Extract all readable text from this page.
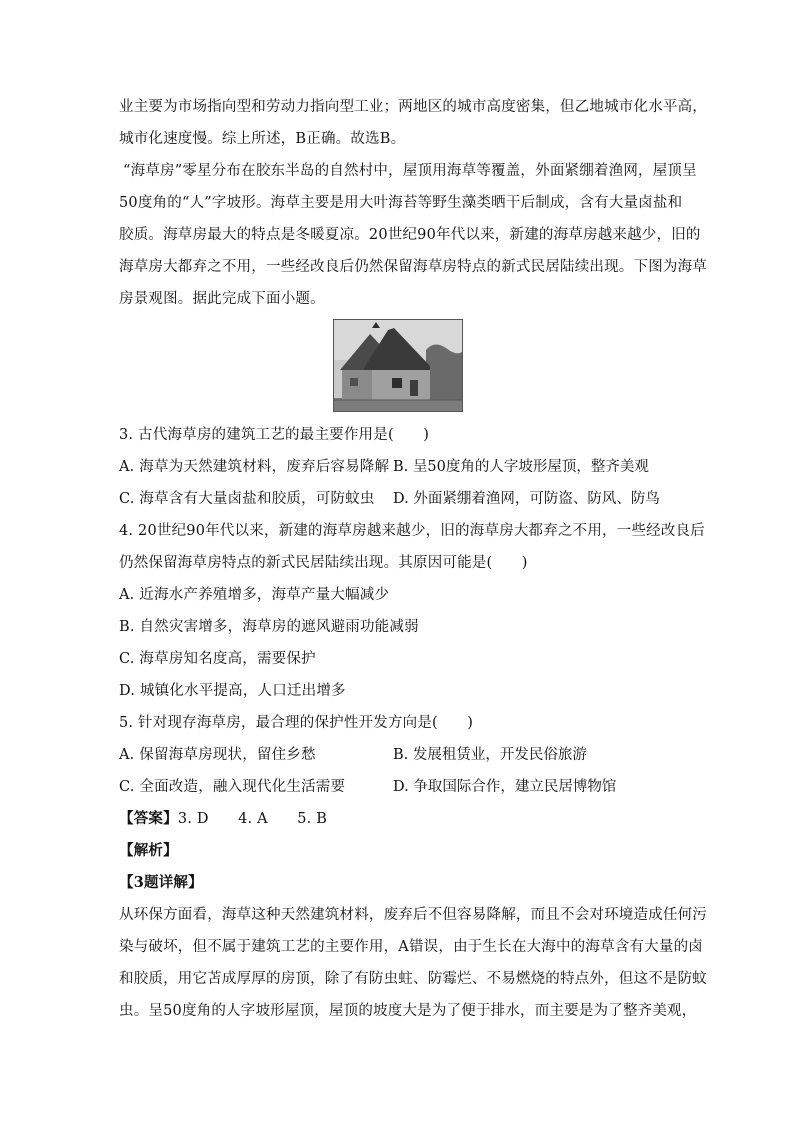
业主要为市场指向型和劳动力指向型工业；两地区的城市高度密集，但乙地城市化水平高，
城市化速度慢。综上所述，B正确。故选B。
“海草房”零星分布在胶东半岛的自然村中，屋顶用海草等覆盖，外面紧绷着渔网，屋顶呈
50度角的“人”字坡形。海草主要是用大叶海苔等野生藻类晒干后制成，含有大量卤盐和
胶质。海草房最大的特点是冬暖夏凉。20世纪90年代以来，新建的海草房越来越少，旧的
海草房大都弃之不用，一些经改良后仍然保留海草房特点的新式民居陆续出现。下图为海草
房景观图。据此完成下面小题。
3. 古代海草房的建筑工艺的最主要作用是(　　)
A. 海草为天然建筑材料，废弃后容易降解 B. 呈50度角的人字坡形屋顶，整齐美观
C. 海草含有大量卤盐和胶质，可防蚊虫	D. 外面紧绷着渔网，可防盗、防风、防鸟
4. 20世纪90年代以来，新建的海草房越来越少，旧的海草房大都弃之不用，一些经改良后
仍然保留海草房特点的新式民居陆续出现。其原因可能是(　　)
A. 近海水产养殖增多，海草产量大幅减少
B. 自然灾害增多，海草房的遮风避雨功能减弱
C. 海草房知名度高，需要保护
D. 城镇化水平提高，人口迁出增多
5. 针对现存海草房，最合理的保护性开发方向是(　　)
A. 保留海草房现状，留住乡愁	B. 发展租赁业，开发民俗旅游
C. 全面改造，融入现代化生活需要	D. 争取国际合作，建立民居博物馆
【答案】3. D　　4. A　　5. B
【解析】
【3题详解】
从环保方面看，海草这种天然建筑材料，废弃后不但容易降解，而且不会对环境造成任何污
染与破坏，但不属于建筑工艺的主要作用，A错误，由于生长在大海中的海草含有大量的卤
和胶质，用它苫成厚厚的房顶，除了有防虫蛀、防霉烂、不易燃烧的特点外，但这不是防蚊
虫。呈50度角的人字坡形屋顶，屋顶的坡度大是为了便于排水，而主要是为了整齐美观，
